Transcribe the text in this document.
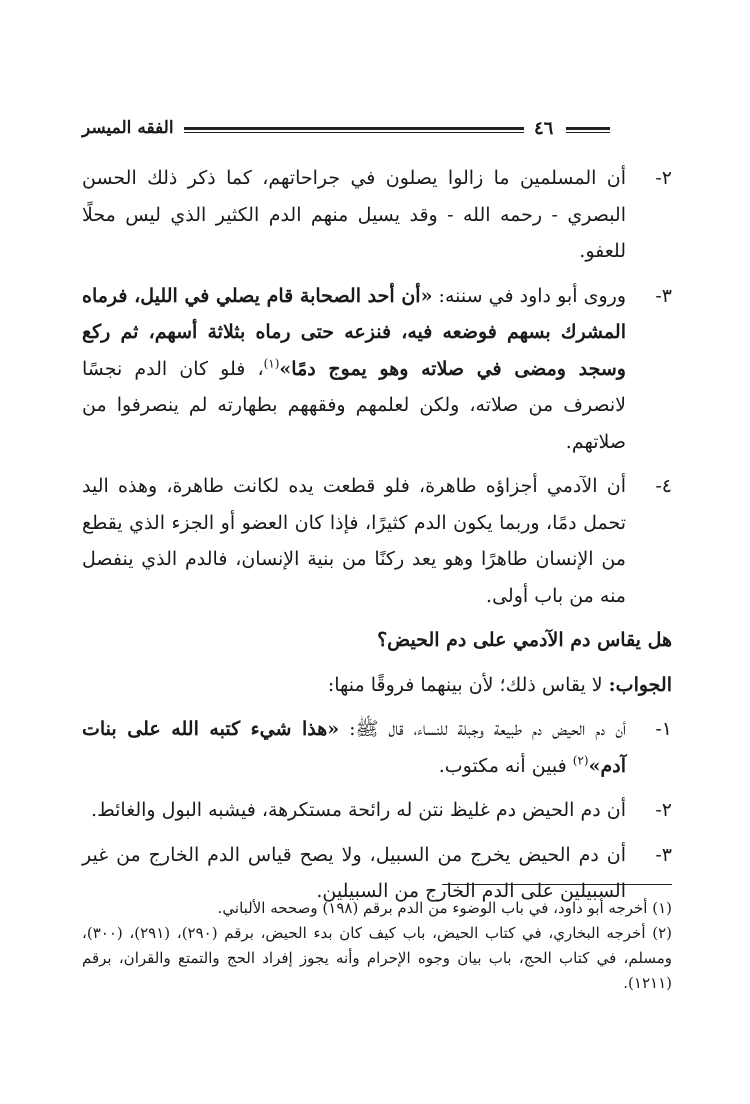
الفقه الميسر	٤٦
٢-

أن المسلمين ما زالوا يصلون في جراحاتهم، كما ذكر ذلك الحسن البصري - رحمه الله - وقد يسيل منهم الدم الكثير الذي ليس محلًا للعفو.

٣-

وروى أبو داود في سننه: «أن أحد الصحابة قام يصلي في الليل، فرماه المشرك بسهم فوضعه فيه، فنزعه حتى رماه بثلاثة أسهم، ثم ركع وسجد ومضى في صلاته وهو يموج دمًا»$^{(١)}$، فلو كان الدم نجسًا لانصرف من صلاته، ولكن لعلمهم وفقههم بطهارته لم ينصرفوا من صلاتهم.

٤-

أن الآدمي أجزاؤه طاهرة، فلو قطعت يده لكانت طاهرة، وهذه اليد تحمل دمًا، وربما يكون الدم كثيرًا، فإذا كان العضو أو الجزء الذي يقطع من الإنسان طاهرًا وهو يعد ركنًا من بنية الإنسان، فالدم الذي ينفصل منه من باب أولى.

هل يقاس دم الآدمي على دم الحيض؟

الجواب: لا يقاس ذلك؛ لأن بينهما فروقًا منها:

١-

أن دم الحيض دم طبيعة وجبلة للنساء، قال ﷺ: «هذا شيء كتبه الله على بنات آدم»$^{(٢)}$ فبين أنه مكتوب.

٢-

أن دم الحيض دم غليظ نتن له رائحة مستكرهة، فيشبه البول والغائط.

٣-

أن دم الحيض يخرج من السبيل، ولا يصح قياس الدم الخارج من غير السبيلين على الدم الخارج من السبيلين.

(١) أخرجه أبو داود، في باب الوضوء من الدم برقم (١٩٨) وصححه الألباني.

(٢) أخرجه البخاري، في كتاب الحيض، باب كيف كان بدء الحيض، برقم (٢٩٠)، (٢٩١)، (٣٠٠)، ومسلم، في كتاب الحج، باب بيان وجوه الإحرام وأنه يجوز إفراد الحج والتمتع والقران، برقم (١٢١١).
